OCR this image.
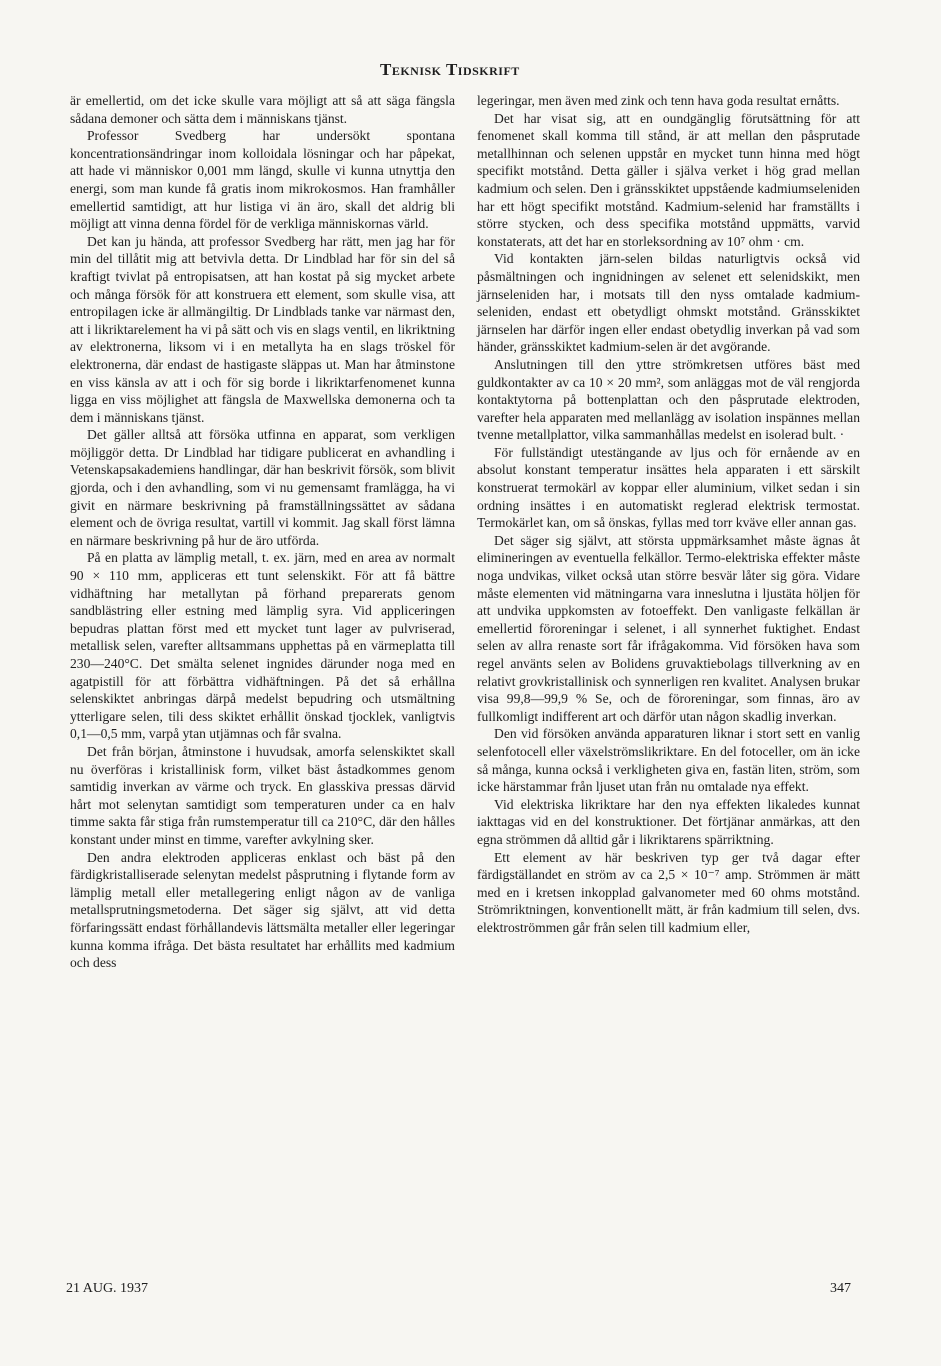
Teknisk Tidskrift

är emellertid, om det icke skulle vara möjligt att så att säga fängsla sådana demoner och sätta dem i människans tjänst.

Professor Svedberg har undersökt spontana koncentrationsändringar inom kolloidala lösningar och har påpekat, att hade vi människor 0,001 mm längd, skulle vi kunna utnyttja den energi, som man kunde få gratis inom mikrokosmos. Han framhåller emellertid samtidigt, att hur listiga vi än äro, skall det aldrig bli möjligt att vinna denna fördel för de verkliga människornas värld.

Det kan ju hända, att professor Svedberg har rätt, men jag har för min del tillåtit mig att betvivla detta. Dr Lindblad har för sin del så kraftigt tvivlat på entropisatsen, att han kostat på sig mycket arbete och många försök för att konstruera ett element, som skulle visa, att entropilagen icke är allmängiltig. Dr Lindblads tanke var närmast den, att i likriktarelement ha vi på sätt och vis en slags ventil, en likriktning av elektronerna, liksom vi i en metallyta ha en slags tröskel för elektronerna, där endast de hastigaste släppas ut. Man har åtminstone en viss känsla av att i och för sig borde i likriktarfenomenet kunna ligga en viss möjlighet att fängsla de Maxwellska demonerna och ta dem i människans tjänst.

Det gäller alltså att försöka utfinna en apparat, som verkligen möjliggör detta. Dr Lindblad har tidigare publicerat en avhandling i Vetenskapsakademiens handlingar, där han beskrivit försök, som blivit gjorda, och i den avhandling, som vi nu gemensamt framlägga, ha vi givit en närmare beskrivning på framställningssättet av sådana element och de övriga resultat, vartill vi kommit. Jag skall först lämna en närmare beskrivning på hur de äro utförda.

På en platta av lämplig metall, t. ex. järn, med en area av normalt 90 × 110 mm, appliceras ett tunt selenskikt. För att få bättre vidhäftning har metallytan på förhand preparerats genom sandblästring eller estning med lämplig syra. Vid appliceringen bepudras plattan först med ett mycket tunt lager av pulvriserad, metallisk selen, varefter alltsammans upphettas på en värmeplatta till 230—240°C. Det smälta selenet ingnides därunder noga med en agatpistill för att förbättra vidhäftningen. På det så erhållna selenskiktet anbringas därpå medelst bepudring och utsmältning ytterligare selen, tili dess skiktet erhållit önskad tjocklek, vanligtvis 0,1—0,5 mm, varpå ytan utjämnas och får svalna.

Det från början, åtminstone i huvudsak, amorfa selenskiktet skall nu överföras i kristallinisk form, vilket bäst åstadkommes genom samtidig inverkan av värme och tryck. En glasskiva pressas därvid hårt mot selenytan samtidigt som temperaturen under ca en halv timme sakta får stiga från rumstemperatur till ca 210°C, där den hålles konstant under minst en timme, varefter avkylning sker.

Den andra elektroden appliceras enklast och bäst på den färdigkristalliserade selenytan medelst påsprutning i flytande form av lämplig metall eller metallegering enligt någon av de vanliga metallsprutningsmetoderna. Det säger sig självt, att vid detta förfaringssätt endast förhållandevis lättsmälta metaller eller legeringar kunna komma ifråga. Det bästa resultatet har erhållits med kadmium och dess

legeringar, men även med zink och tenn hava goda resultat ernåtts.

Det har visat sig, att en oundgänglig förutsättning för att fenomenet skall komma till stånd, är att mellan den påsprutade metallhinnan och selenen uppstår en mycket tunn hinna med högt specifikt motstånd. Detta gäller i själva verket i hög grad mellan kadmium och selen. Den i gränsskiktet uppstående kadmiumseleniden har ett högt specifikt motstånd. Kadmium-selenid har framställts i större stycken, och dess specifika motstånd uppmätts, varvid konstaterats, att det har en storleksordning av 10⁷ ohm · cm.

Vid kontakten järn-selen bildas naturligtvis också vid påsmältningen och ingnidningen av selenet ett selenidskikt, men järnseleniden har, i motsats till den nyss omtalade kadmium-seleniden, endast ett obetydligt ohmskt motstånd. Gränsskiktet järnselen har därför ingen eller endast obetydlig inverkan på vad som händer, gränsskiktet kadmium-selen är det avgörande.

Anslutningen till den yttre strömkretsen utföres bäst med guldkontakter av ca 10 × 20 mm², som anläggas mot de väl rengjorda kontaktytorna på bottenplattan och den påsprutade elektroden, varefter hela apparaten med mellanlägg av isolation inspännes mellan tvenne metallplattor, vilka sammanhållas medelst en isolerad bult. ·

För fullständigt utestängande av ljus och för ernående av en absolut konstant temperatur insättes hela apparaten i ett särskilt konstruerat termokärl av koppar eller aluminium, vilket sedan i sin ordning insättes i en automatiskt reglerad elektrisk termostat. Termokärlet kan, om så önskas, fyllas med torr kväve eller annan gas.

Det säger sig självt, att största uppmärksamhet måste ägnas åt elimineringen av eventuella felkällor. Termo-elektriska effekter måste noga undvikas, vilket också utan större besvär låter sig göra. Vidare måste elementen vid mätningarna vara inneslutna i ljustäta höljen för att undvika uppkomsten av fotoeffekt. Den vanligaste felkällan är emellertid föroreningar i selenet, i all synnerhet fuktighet. Endast selen av allra renaste sort får ifrågakomma. Vid försöken hava som regel använts selen av Bolidens gruvaktiebolags tillverkning av en relativt grovkristallinisk och synnerligen ren kvalitet. Analysen brukar visa 99,8—99,9 % Se, och de föroreningar, som finnas, äro av fullkomligt indifferent art och därför utan någon skadlig inverkan.

Den vid försöken använda apparaturen liknar i stort sett en vanlig selenfotocell eller växelströmslikriktare. En del fotoceller, om än icke så många, kunna också i verkligheten giva en, fastän liten, ström, som icke härstammar från ljuset utan från nu omtalade nya effekt.

Vid elektriska likriktare har den nya effekten likaledes kunnat iakttagas vid en del konstruktioner. Det förtjänar anmärkas, att den egna strömmen då alltid går i likriktarens spärriktning.

Ett element av här beskriven typ ger två dagar efter färdigställandet en ström av ca 2,5 × 10⁻⁷ amp. Strömmen är mätt med en i kretsen inkopplad galvanometer med 60 ohms motstånd. Strömriktningen, konventionellt mätt, är från kadmium till selen, dvs. elektroströmmen går från selen till kadmium eller,

21 AUG. 1937	347
